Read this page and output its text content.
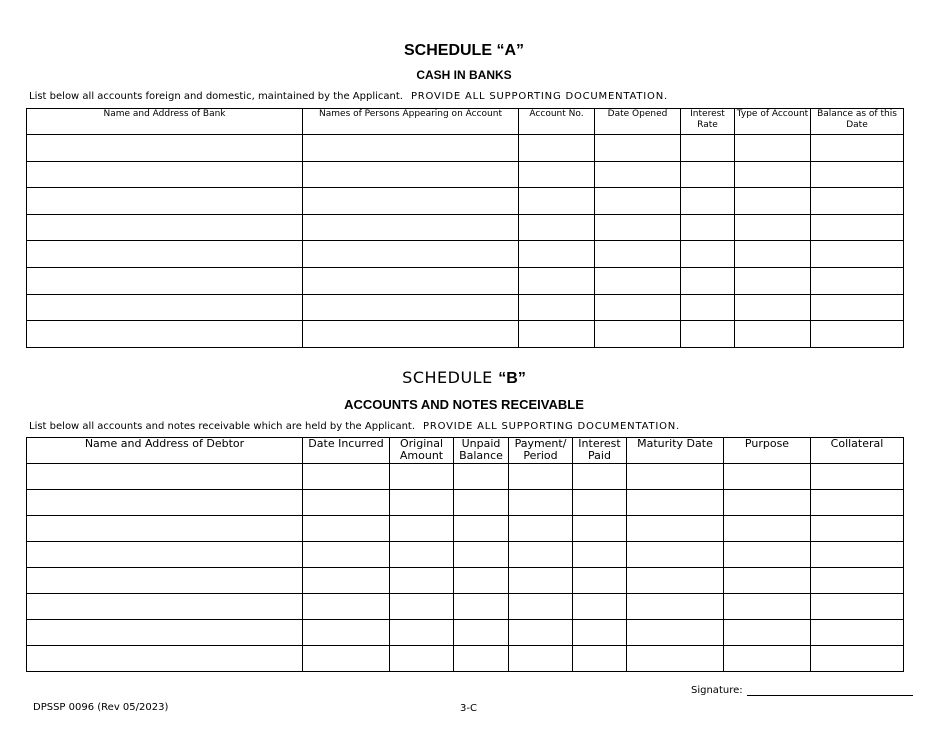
SCHEDULE “A”
CASH IN BANKS
List below all accounts foreign and domestic, maintained by the Applicant. PROVIDE ALL SUPPORTING DOCUMENTATION.
Name and Address of Bank	Names of Persons Appearing on Account	Account No.	Date Opened	Interest Rate	Type of Account	Balance as of this Date

SCHEDULE “B”
ACCOUNTS AND NOTES RECEIVABLE
List below all accounts and notes receivable which are held by the Applicant. PROVIDE ALL SUPPORTING DOCUMENTATION.
Name and Address of Debtor	Date Incurred	Original Amount	Unpaid Balance	Payment/ Period	Interest Paid	Maturity Date	Purpose	Collateral

Signature:
DPSSP 0096 (Rev 05/2023)	3-C
